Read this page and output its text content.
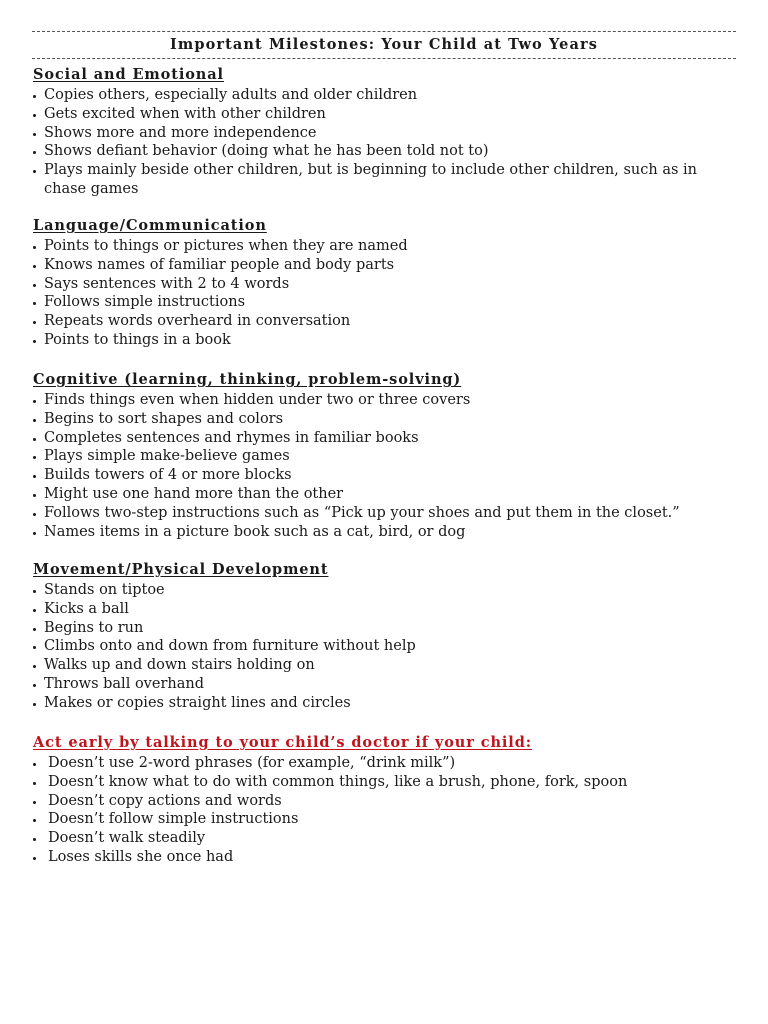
Important Milestones: Your Child at Two Years
Social and Emotional
Copies others, especially adults and older children
Gets excited when with other children
Shows more and more independence
Shows defiant behavior (doing what he has been told not to)
Plays mainly beside other children, but is beginning to include other children, such as in chase games
Language/Communication
Points to things or pictures when they are named
Knows names of familiar people and body parts
Says sentences with 2 to 4 words
Follows simple instructions
Repeats words overheard in conversation
Points to things in a book
Cognitive (learning, thinking, problem-solving)
Finds things even when hidden under two or three covers
Begins to sort shapes and colors
Completes sentences and rhymes in familiar books
Plays simple make-believe games
Builds towers of 4 or more blocks
Might use one hand more than the other
Follows two-step instructions such as “Pick up your shoes and put them in the closet.”
Names items in a picture book such as a cat, bird, or dog
Movement/Physical Development
Stands on tiptoe
Kicks a ball
Begins to run
Climbs onto and down from furniture without help
Walks up and down stairs holding on
Throws ball overhand
Makes or copies straight lines and circles
Act early by talking to your child’s doctor if your child:
Doesn’t use 2-word phrases (for example, “drink milk”)
Doesn’t know what to do with common things, like a brush, phone, fork, spoon
Doesn’t copy actions and words
Doesn’t follow simple instructions
Doesn’t walk steadily
Loses skills she once had
